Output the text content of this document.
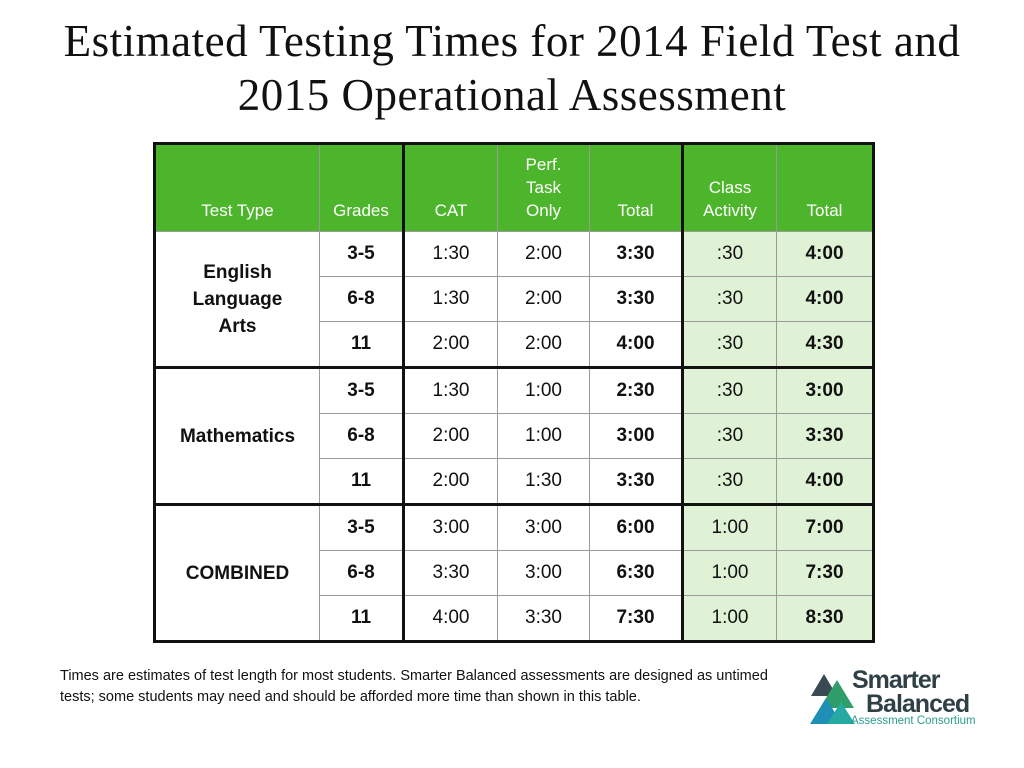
Estimated Testing Times for 2014 Field Test and 2015 Operational Assessment
Test Type	Grades	CAT	Perf. Task Only	Total	Class Activity	Total

English Language Arts	3-5	1:30	2:00	3:30	:30	4:00
	6-8	1:30	2:00	3:30	:30	4:00
	11	2:00	2:00	4:00	:30	4:30
Mathematics	3-5	1:30	1:00	2:30	:30	3:00
	6-8	2:00	1:00	3:00	:30	3:30
	11	2:00	1:30	3:30	:30	4:00
COMBINED	3-5	3:00	3:00	6:00	1:00	7:00
	6-8	3:30	3:00	6:30	1:00	7:30
	11	4:00	3:30	7:30	1:00	8:30

Times are estimates of test length for most students. Smarter Balanced assessments are designed as untimed tests; some students may need and should be afforded more time than shown in this table.

Smarter
Balanced
Assessment Consortium
